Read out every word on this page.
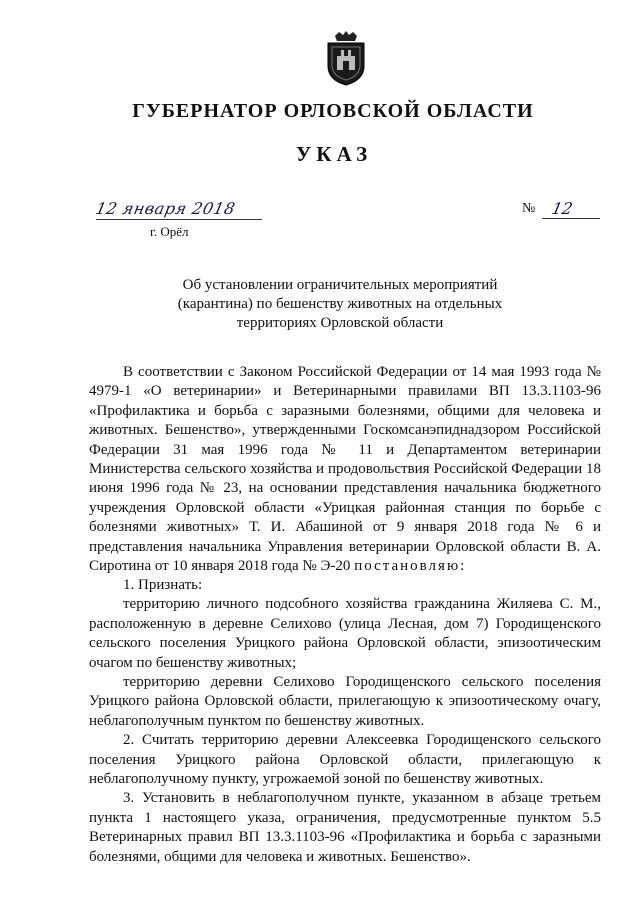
ГУБЕРНАТОР ОРЛОВСКОЙ ОБЛАСТИ
УКАЗ
12 января 2018
г. Орёл
№ 12
Об установлении ограничительных мероприятий (карантина) по бешенству животных на отдельных территориях Орловской области

В соответствии с Законом Российской Федерации от 14 мая 1993 года № 4979-1 «О ветеринарии» и Ветеринарными правилами ВП 13.3.1103-96 «Профилактика и борьба с заразными болезнями, общими для человека и животных. Бешенство», утвержденными Госкомсанэпиднадзором Российской Федерации 31 мая 1996 года № 11 и Департаментом ветеринарии Министерства сельского хозяйства и продовольствия Российской Федерации 18 июня 1996 года № 23, на основании представления начальника бюджетного учреждения Орловской области «Урицкая районная станция по борьбе с болезнями животных» Т. И. Абашиной от 9 января 2018 года № 6 и представления начальника Управления ветеринарии Орловской области В. А. Сиротина от 10 января 2018 года № Э-20 постановляю:

1. Признать:

территорию личного подсобного хозяйства гражданина Жиляева С. М., расположенную в деревне Селихово (улица Лесная, дом 7) Городищенского сельского поселения Урицкого района Орловской области, эпизоотическим очагом по бешенству животных;

территорию деревни Селихово Городищенского сельского поселения Урицкого района Орловской области, прилегающую к эпизоотическому очагу, неблагополучным пунктом по бешенству животных.

2. Считать территорию деревни Алексеевка Городищенского сельского поселения Урицкого района Орловской области, прилегающую к неблагополучному пункту, угрожаемой зоной по бешенству животных.

3. Установить в неблагополучном пункте, указанном в абзаце третьем пункта 1 настоящего указа, ограничения, предусмотренные пунктом 5.5 Ветеринарных правил ВП 13.3.1103-96 «Профилактика и борьба с заразными болезнями, общими для человека и животных. Бешенство».
